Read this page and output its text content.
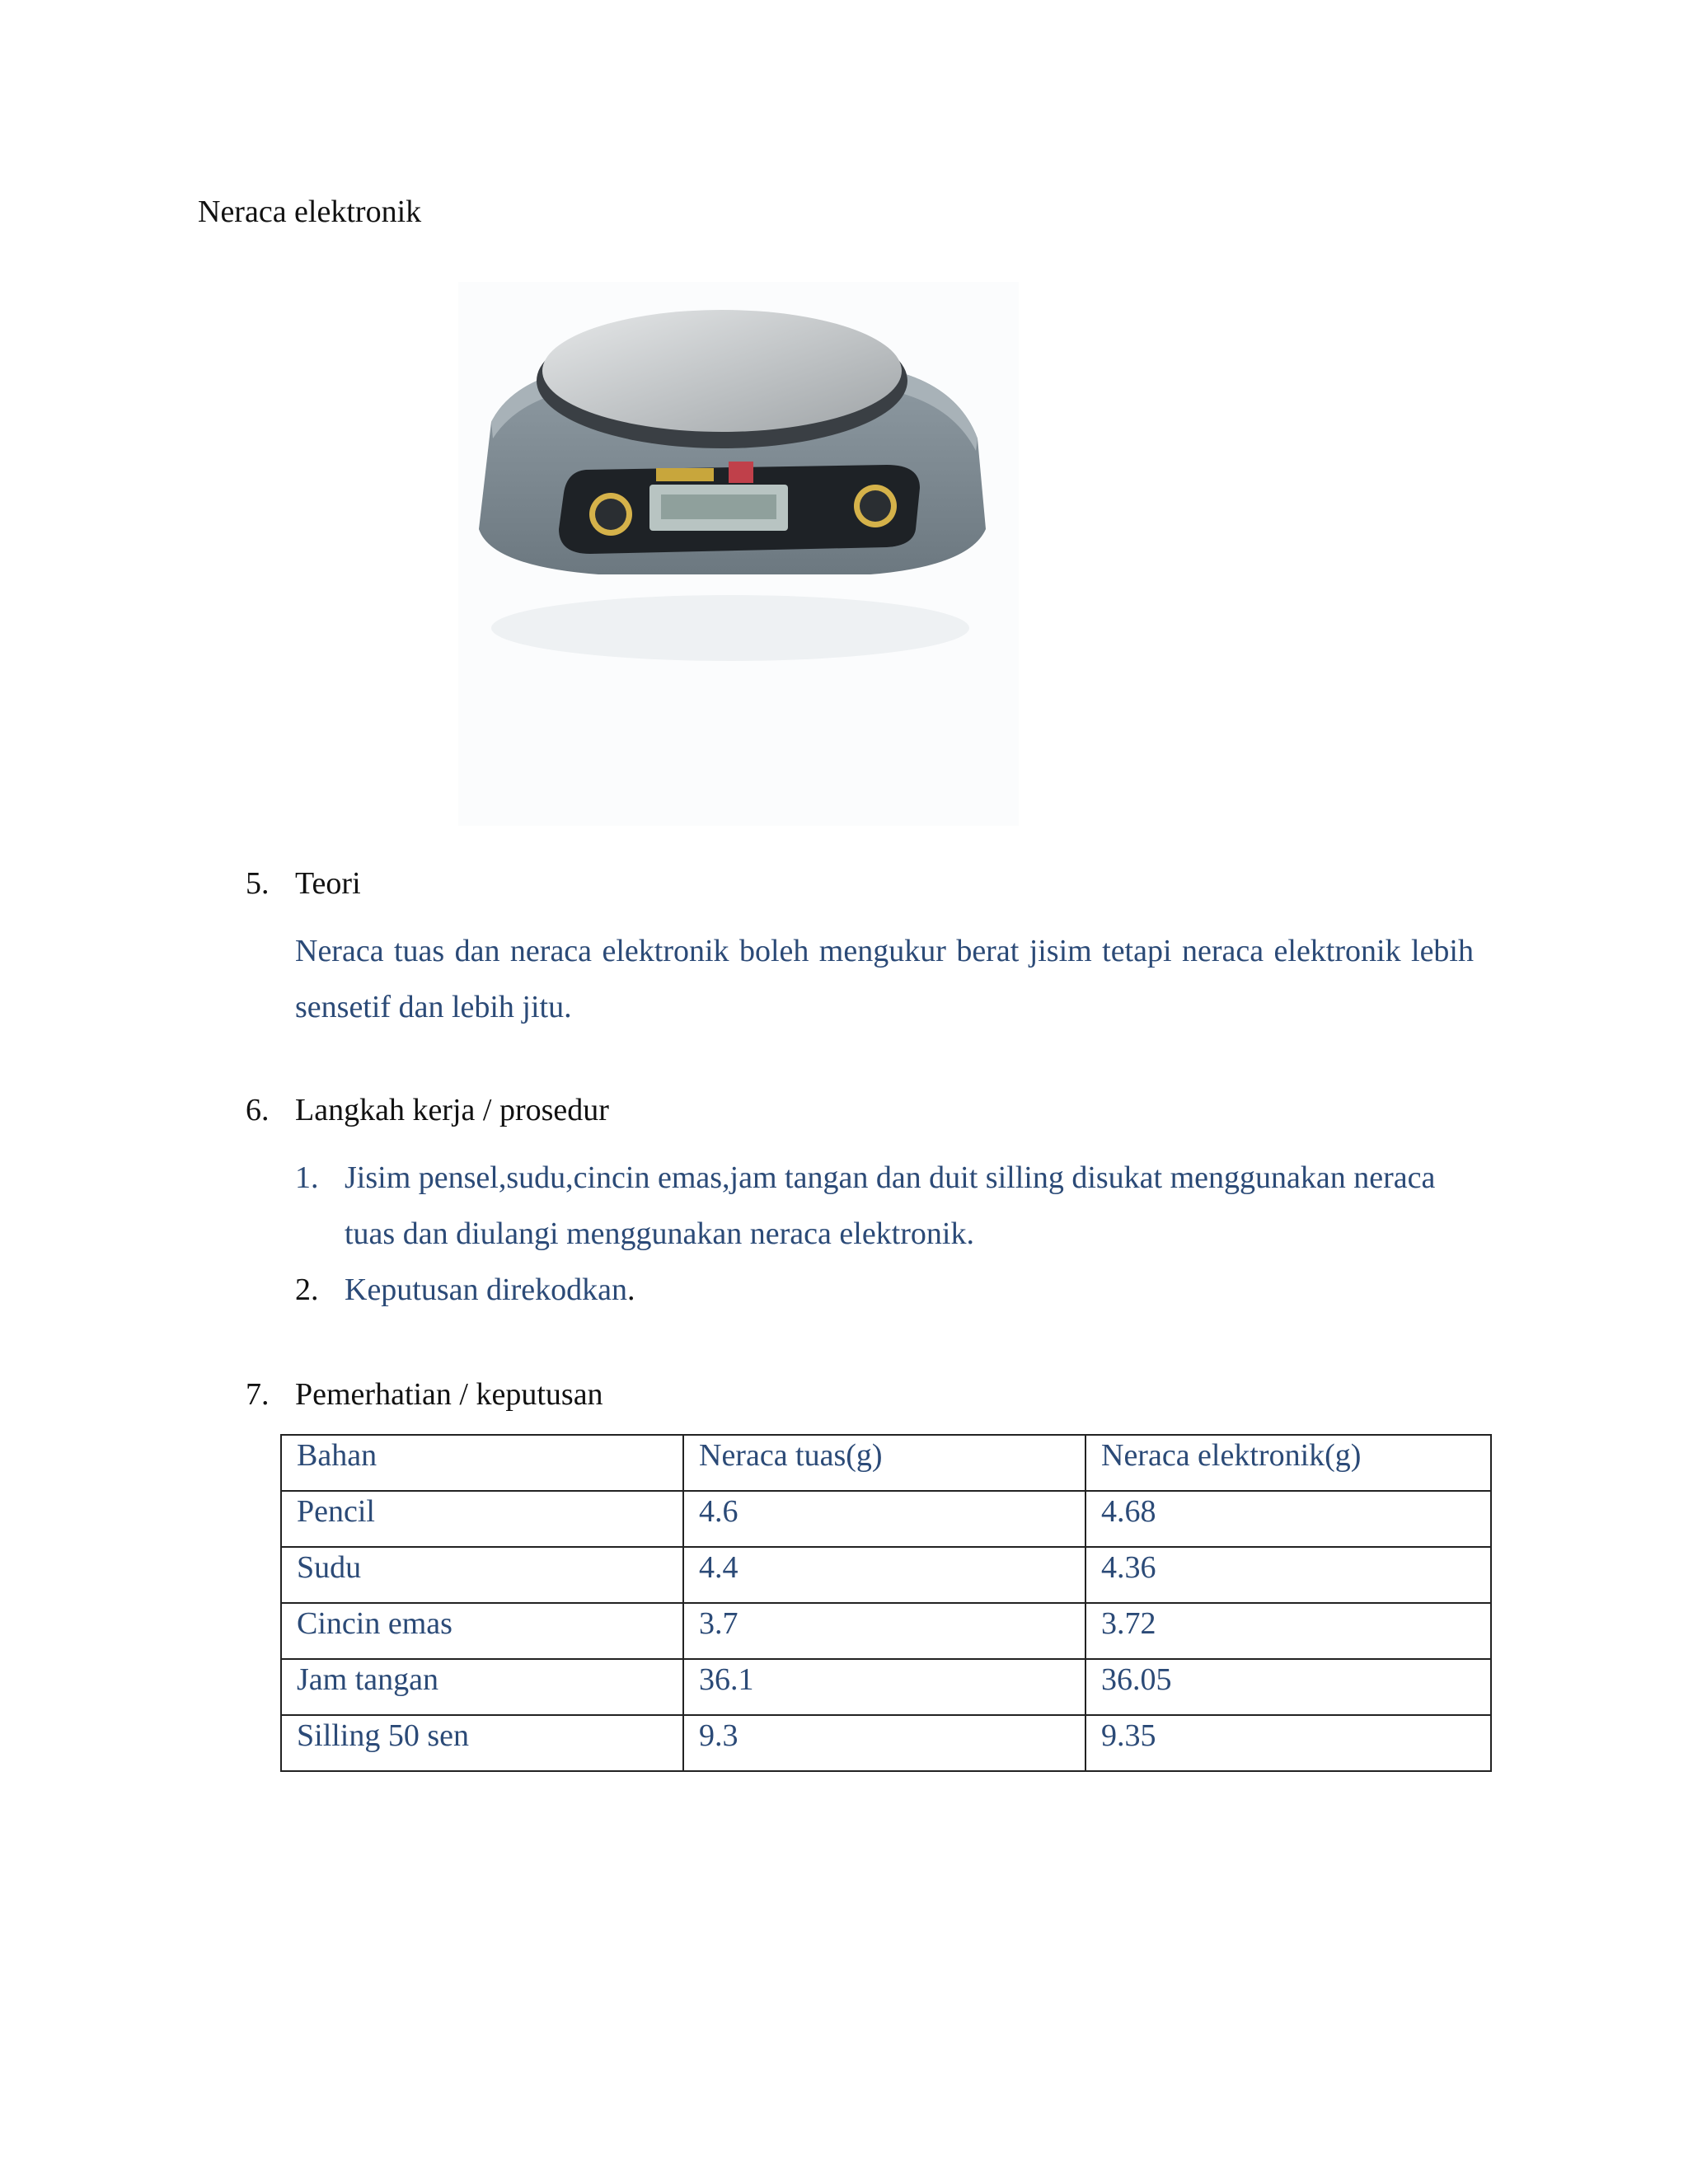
Neraca elektronik
5. Teori
Neraca tuas dan neraca elektronik boleh mengukur berat jisim tetapi neraca elektronik lebih sensetif dan lebih jitu.
6. Langkah kerja / prosedur
1. Jisim pensel,sudu,cincin emas,jam tangan dan duit silling disukat menggunakan neraca tuas dan diulangi menggunakan neraca elektronik.
2. Keputusan direkodkan.
7. Pemerhatian / keputusan
Bahan	Neraca tuas(g)	Neraca elektronik(g)
Pencil	4.6	4.68
Sudu	4.4	4.36
Cincin emas	3.7	3.72
Jam tangan	36.1	36.05
Silling 50 sen	9.3	9.35
